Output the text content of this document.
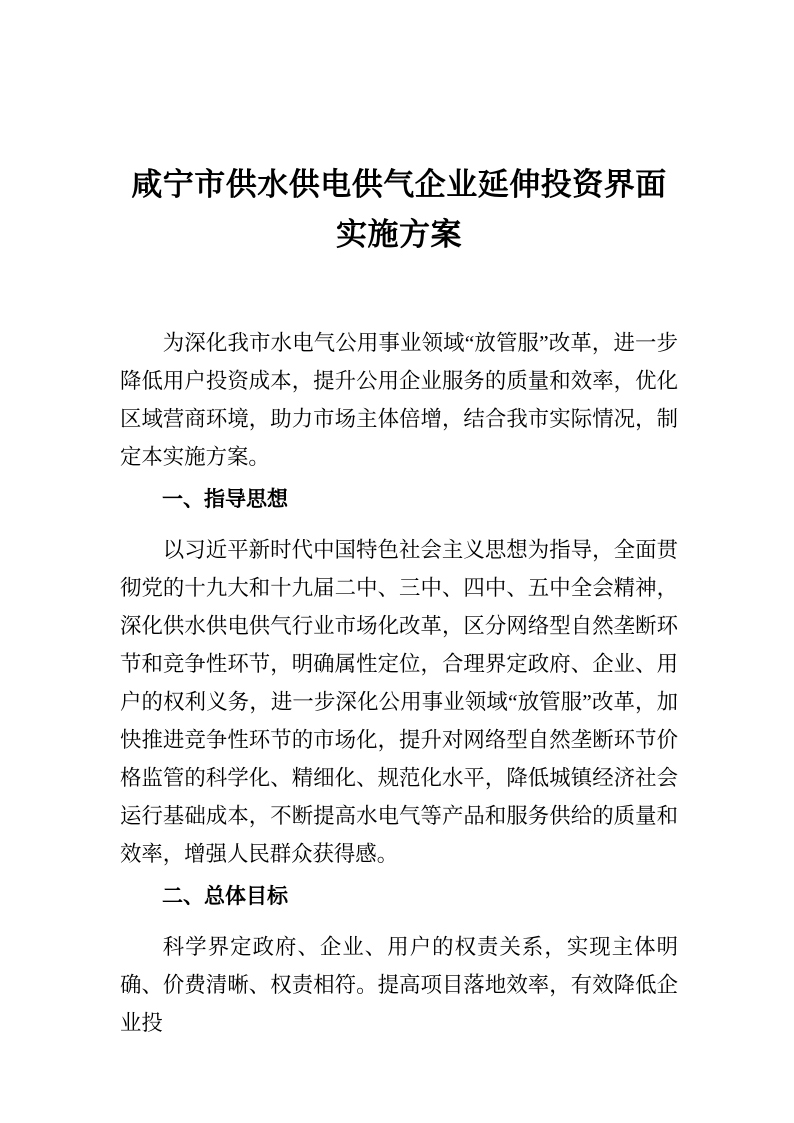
咸宁市供水供电供气企业延伸投资界面
实施方案

为深化我市水电气公用事业领域“放管服”改革，进一步降低用户投资成本，提升公用企业服务的质量和效率，优化区域营商环境，助力市场主体倍增，结合我市实际情况，制定本实施方案。

一、指导思想

以习近平新时代中国特色社会主义思想为指导，全面贯彻党的十九大和十九届二中、三中、四中、五中全会精神，深化供水供电供气行业市场化改革，区分网络型自然垄断环节和竞争性环节，明确属性定位，合理界定政府、企业、用户的权利义务，进一步深化公用事业领域“放管服”改革，加快推进竞争性环节的市场化，提升对网络型自然垄断环节价格监管的科学化、精细化、规范化水平，降低城镇经济社会运行基础成本，不断提高水电气等产品和服务供给的质量和效率，增强人民群众获得感。

二、总体目标

科学界定政府、企业、用户的权责关系，实现主体明确、价费清晰、权责相符。提高项目落地效率，有效降低企业投
